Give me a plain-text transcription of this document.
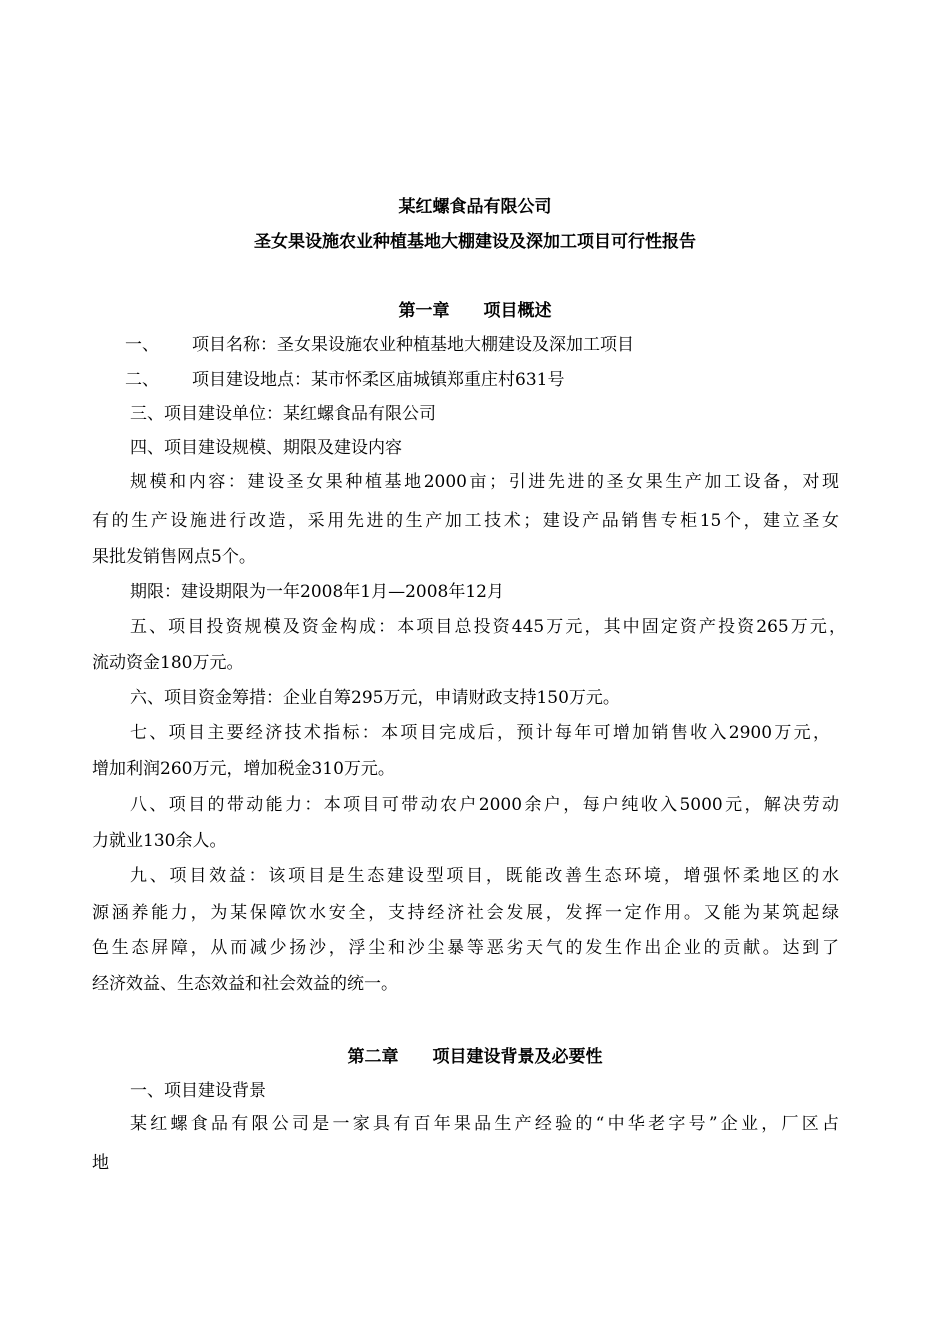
某红螺食品有限公司
圣女果设施农业种植基地大棚建设及深加工项目可行性报告
第一章　　项目概述
一、 项目名称：圣女果设施农业种植基地大棚建设及深加工项目
二、 项目建设地点：某市怀柔区庙城镇郑重庄村631号
三、项目建设单位：某红螺食品有限公司
四、项目建设规模、期限及建设内容
规模和内容：建设圣女果种植基地2000亩；引进先进的圣女果生产加工设备，对现
有的生产设施进行改造，采用先进的生产加工技术；建设产品销售专柜15个，建立圣女
果批发销售网点5个。
期限：建设期限为一年2008年1月—2008年12月
五、项目投资规模及资金构成：本项目总投资445万元，其中固定资产投资265万元，
流动资金180万元。
六、项目资金筹措：企业自筹295万元，申请财政支持150万元。
七、项目主要经济技术指标：本项目完成后，预计每年可增加销售收入2900万元，
增加利润260万元，增加税金310万元。
八、项目的带动能力：本项目可带动农户2000余户，每户纯收入5000元，解决劳动
力就业130余人。
九、项目效益：该项目是生态建设型项目，既能改善生态环境，增强怀柔地区的水
源涵养能力，为某保障饮水安全，支持经济社会发展，发挥一定作用。又能为某筑起绿
色生态屏障，从而减少扬沙，浮尘和沙尘暴等恶劣天气的发生作出企业的贡献。达到了
经济效益、生态效益和社会效益的统一。
第二章　　项目建设背景及必要性
一、项目建设背景
某红螺食品有限公司是一家具有百年果品生产经验的“中华老字号”企业，厂区占
地
